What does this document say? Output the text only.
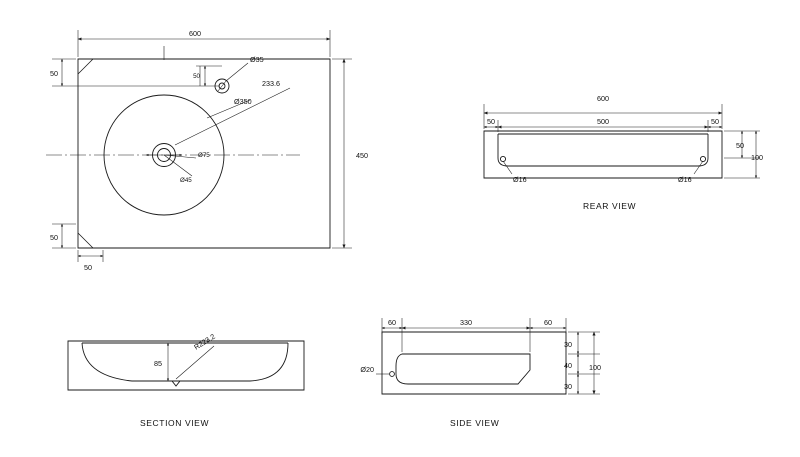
600
50
50
50
450
50
Ø35
233.6
Ø350
Ø75
Ø45
600
500
50	50
50
100
Ø16	Ø16
85
R223.2
60	330	60
30
40
30
100
Ø20
REAR VIEW
SECTION VIEW	SIDE VIEW
